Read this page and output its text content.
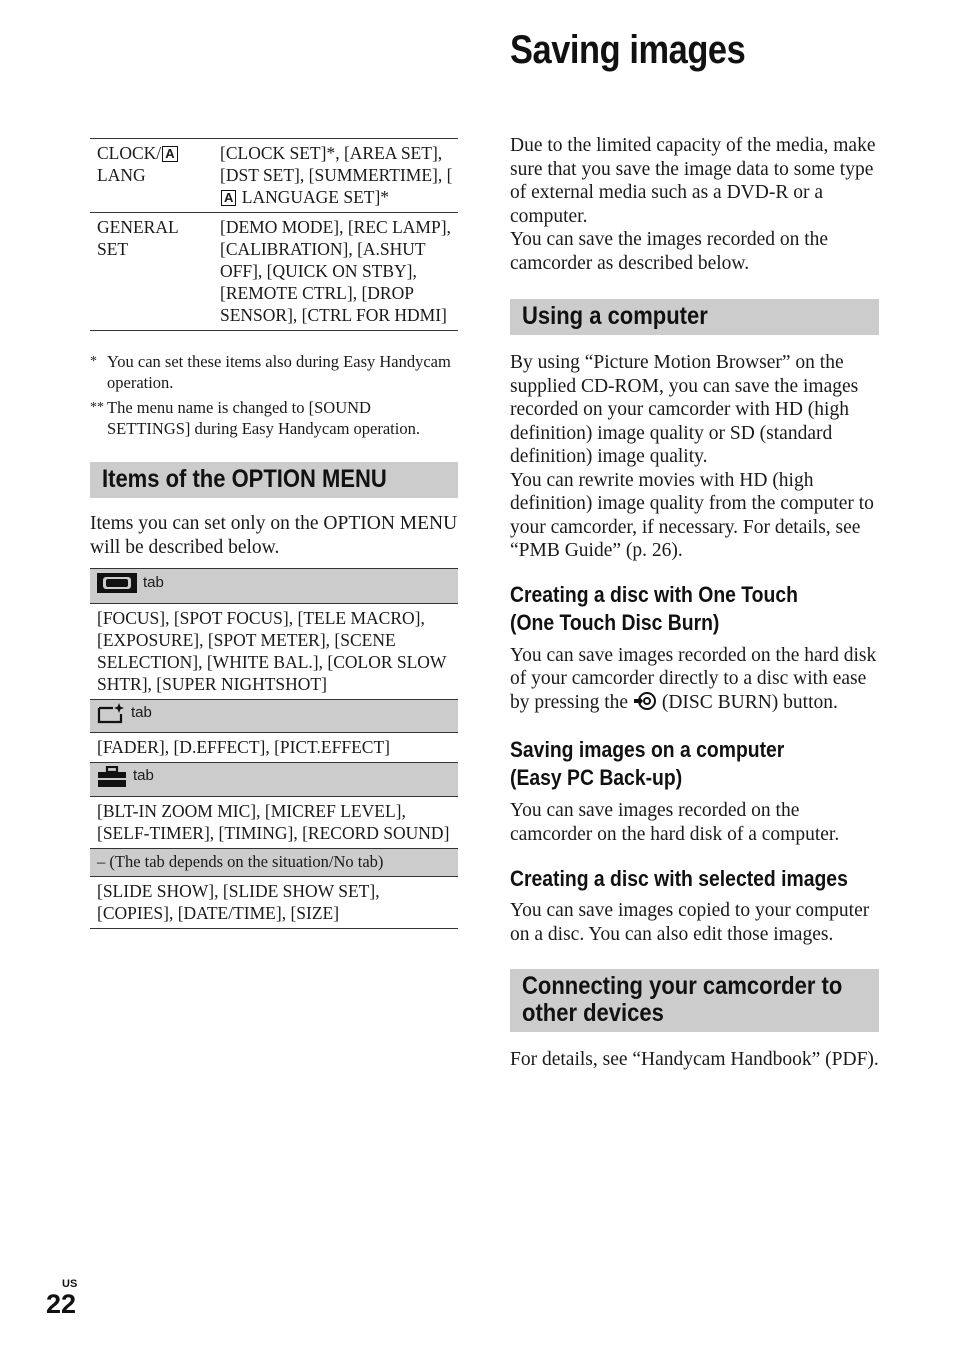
Saving images
CLOCK/ A
LANG	[CLOCK SET]*, [AREA SET], [DST SET], [SUMMERTIME], [A LANGUAGE SET]*
GENERAL SET	[DEMO MODE], [REC LAMP], [CALIBRATION], [A.SHUT OFF], [QUICK ON STBY], [REMOTE CTRL], [DROP SENSOR], [CTRL FOR HDMI]
* You can set these items also during Easy Handycam operation.
** The menu name is changed to [SOUND SETTINGS] during Easy Handycam operation.
Items of the OPTION MENU

Items you can set only on the OPTION MENU will be described below.

tab
[FOCUS], [SPOT FOCUS], [TELE MACRO], [EXPOSURE], [SPOT METER], [SCENE SELECTION], [WHITE BAL.], [COLOR SLOW SHTR], [SUPER NIGHTSHOT]
tab
[FADER], [D.EFFECT], [PICT.EFFECT]
tab
[BLT-IN ZOOM MIC], [MICREF LEVEL], [SELF-TIMER], [TIMING], [RECORD SOUND]
– (The tab depends on the situation/No tab)
[SLIDE SHOW], [SLIDE SHOW SET], [COPIES], [DATE/TIME], [SIZE]

Due to the limited capacity of the media, make sure that you save the image data to some type of external media such as a DVD-R or a computer.

You can save the images recorded on the camcorder as described below.

Using a computer

By using “Picture Motion Browser” on the supplied CD-ROM, you can save the images recorded on your camcorder with HD (high definition) image quality or SD (standard definition) image quality.

You can rewrite movies with HD (high definition) image quality from the computer to your camcorder, if necessary. For details, see “PMB Guide” (p. 26).

Creating a disc with One Touch
(One Touch Disc Burn)

You can save images recorded on the hard disk of your camcorder directly to a disc with ease by pressing the  (DISC BURN) button.

Saving images on a computer
(Easy PC Back-up)

You can save images recorded on the camcorder on the hard disk of a computer.

Creating a disc with selected images

You can save images copied to your computer on a disc. You can also edit those images.

Connecting your camcorder to
other devices

For details, see “Handycam Handbook” (PDF).

US
22
